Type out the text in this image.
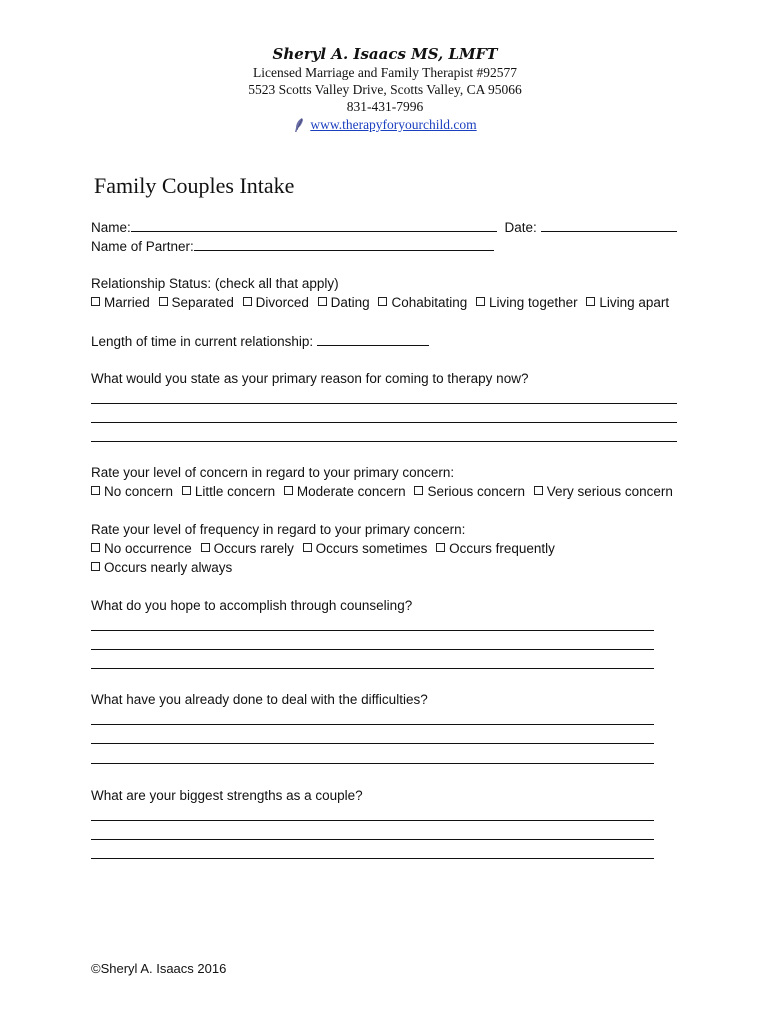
Sheryl A. Isaacs MS, LMFT
Licensed Marriage and Family Therapist #92577
5523 Scotts Valley Drive, Scotts Valley, CA 95066
831-431-7996
www.therapyforyourchild.com
Family Couples Intake
Name:	Date:
Name of Partner:
Relationship Status: (check all that apply)
Married Separated Divorced Dating Cohabitating Living together Living apart
Length of time in current relationship:
What would you state as your primary reason for coming to therapy now?
Rate your level of concern in regard to your primary concern:
No concern Little concern Moderate concern Serious concern Very serious concern
Rate your level of frequency in regard to your primary concern:
No occurrence Occurs rarely Occurs sometimes Occurs frequently
Occurs nearly always
What do you hope to accomplish through counseling?
What have you already done to deal with the difficulties?
What are your biggest strengths as a couple?
©Sheryl A. Isaacs 2016
